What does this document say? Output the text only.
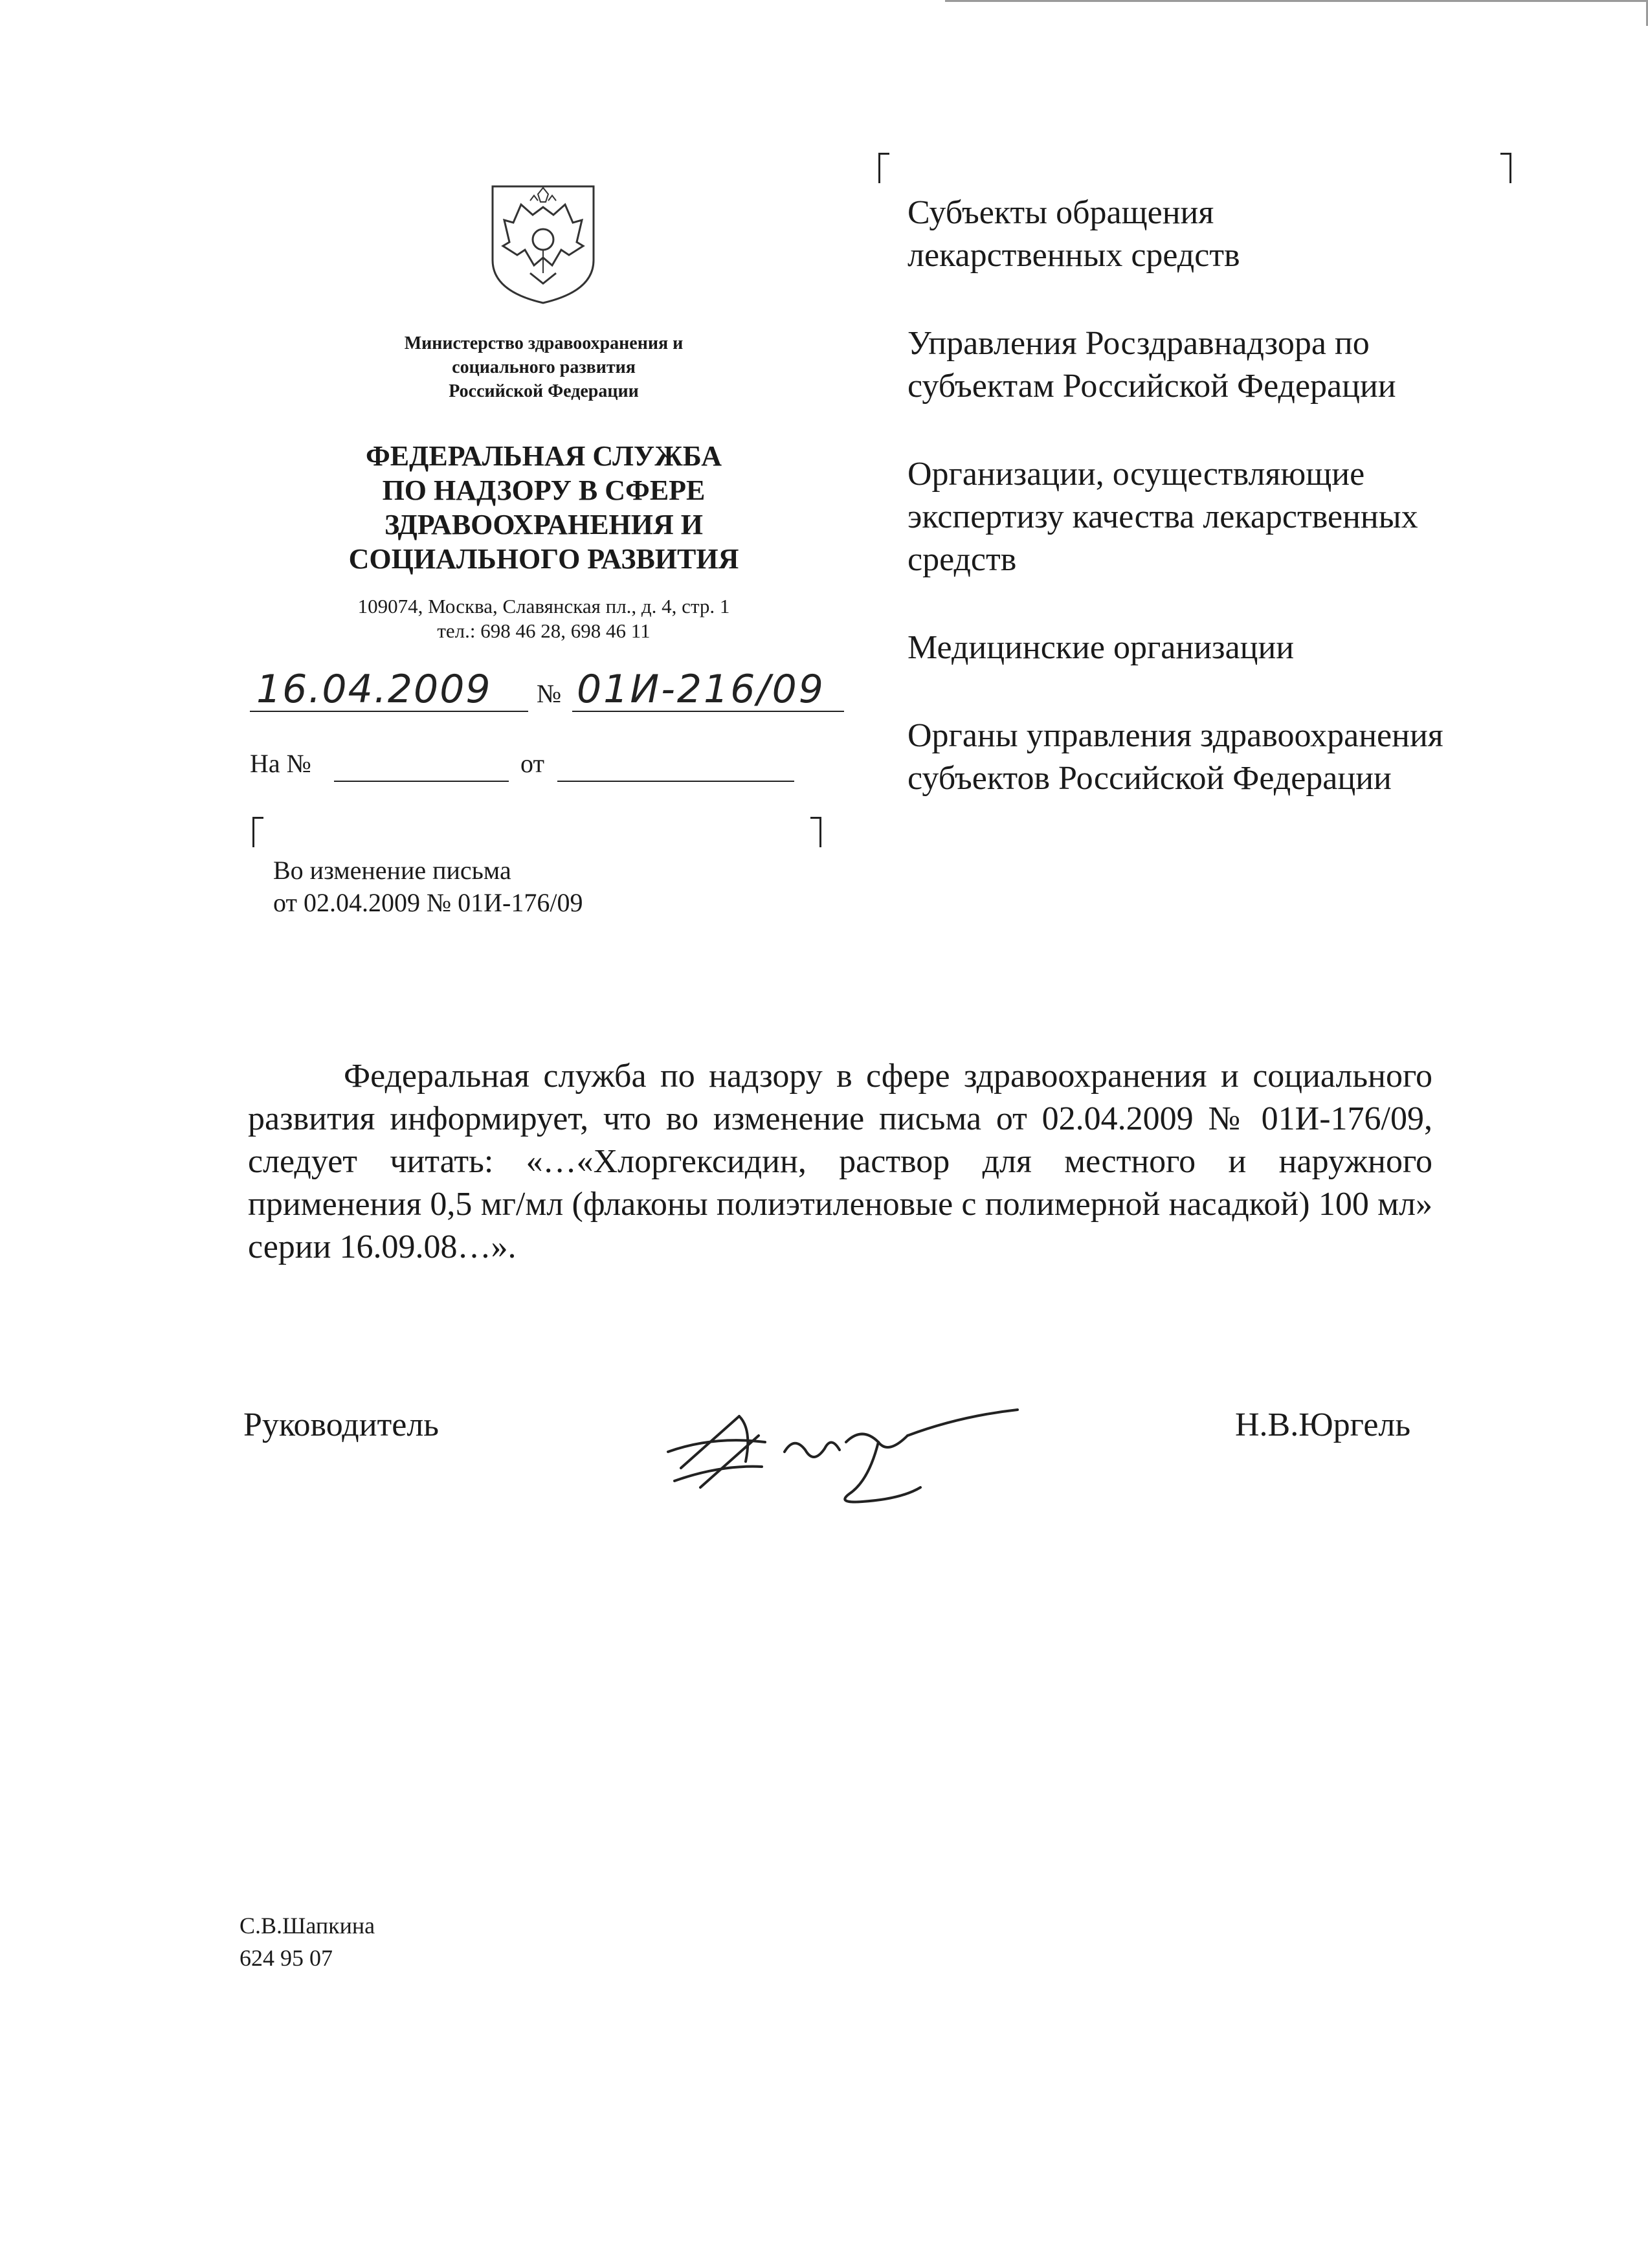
Министерство здравоохранения и
социального развития
Российской Федерации
ФЕДЕРАЛЬНАЯ СЛУЖБА
ПО НАДЗОРУ В СФЕРЕ
ЗДРАВООХРАНЕНИЯ И
СОЦИАЛЬНОГО РАЗВИТИЯ
109074, Москва, Славянская пл., д. 4, стр. 1
тел.: 698 46 28, 698 46 11
16.04.2009 № 01И-216/09
На №	от
Во изменение письма
от 02.04.2009 № 01И-176/09
Субъекты обращения
лекарственных средств
Управления Росздравнадзора по
субъектам Российской Федерации
Организации, осуществляющие
экспертизу качества лекарственных
средств
Медицинские организации
Органы управления здравоохранения
субъектов Российской Федерации

Федеральная служба по надзору в сфере здравоохранения и социального развития информирует, что во изменение письма от 02.04.2009 № 01И-176/09, следует читать: «…«Хлоргексидин, раствор для местного и наружного применения 0,5 мг/мл (флаконы полиэтиленовые с полимерной насадкой) 100 мл» серии 16.09.08…».

Руководитель	Н.В.Юргель
С.В.Шапкина
624 95 07
